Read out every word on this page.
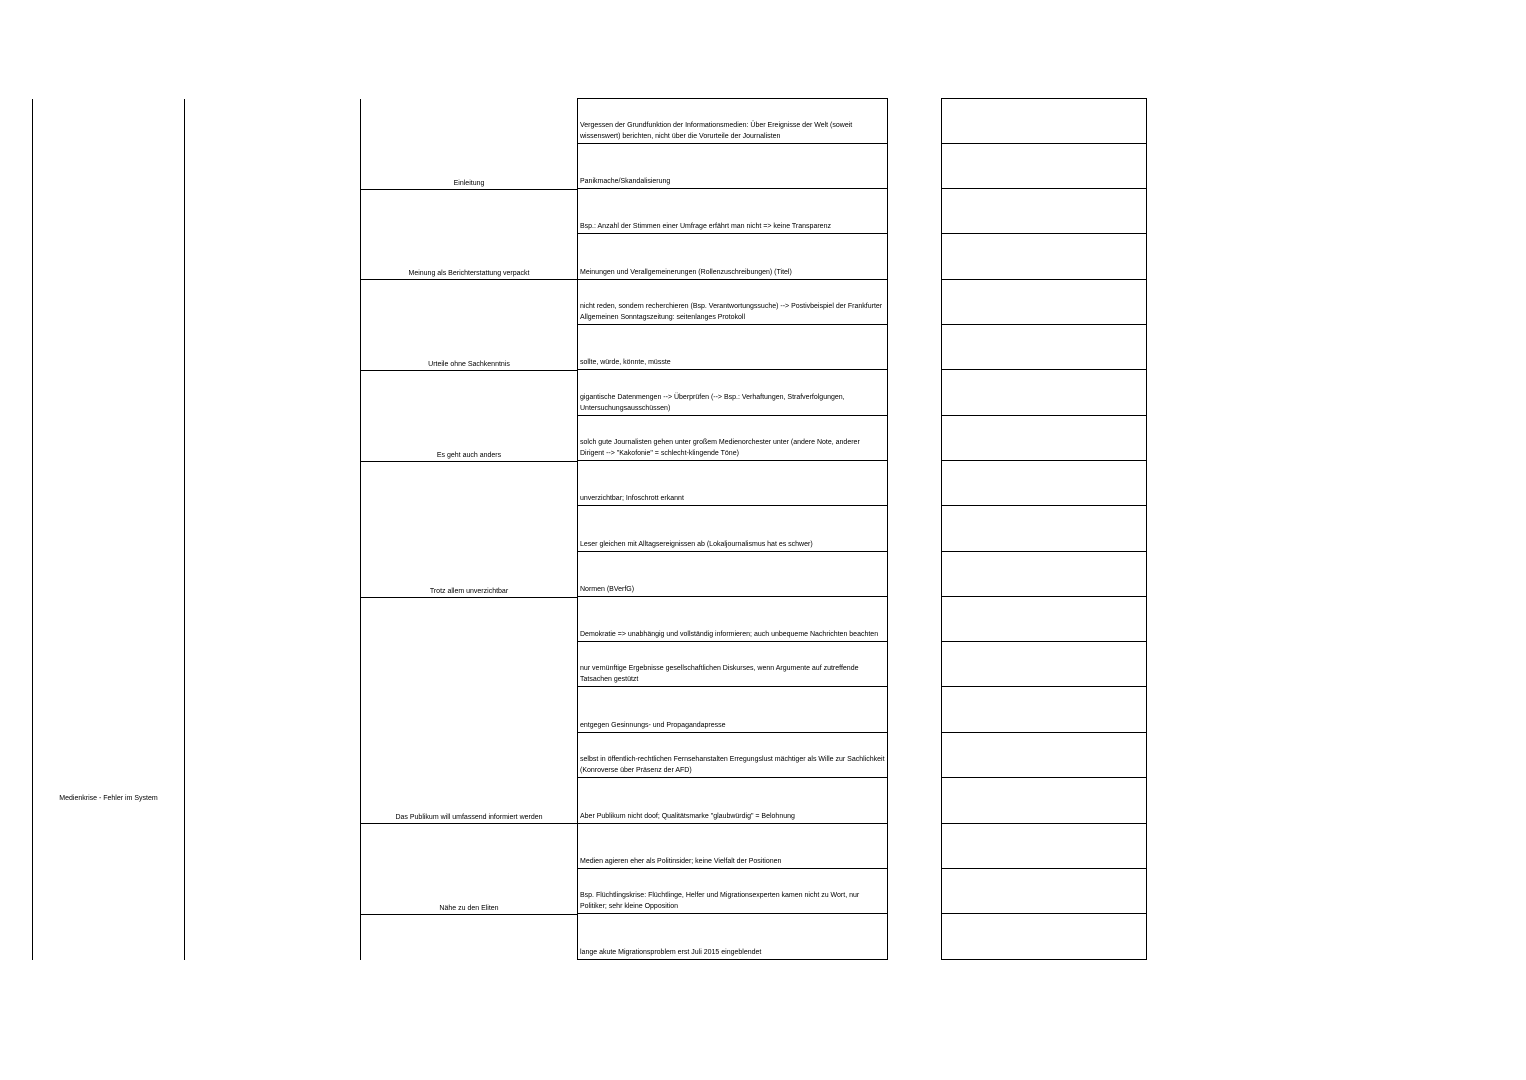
Medienkrise - Fehler im System
Einleitung
Meinung als Berichterstattung verpackt
Urteile ohne Sachkenntnis
Es geht auch anders
Trotz allem unverzichtbar
Das Publikum will umfassend informiert werden
Nähe zu den Eliten
Vergessen der Grundfunktion der Informationsmedien: Über Ereignisse der Welt (soweit wissenswert) berichten, nicht über die Vorurteile der Journalisten
Panikmache/Skandalisierung
Bsp.: Anzahl der Stimmen einer Umfrage erfährt man nicht => keine Transparenz
Meinungen und Verallgemeinerungen (Rollenzuschreibungen) (Titel)
nicht reden, sondern recherchieren (Bsp. Verantwortungssuche) --> Postivbeispiel der Frankfurter Allgemeinen Sonntagszeitung: seitenlanges Protokoll
sollte, würde, könnte, müsste
gigantische Datenmengen --> Überprüfen (--> Bsp.: Verhaftungen, Strafverfolgungen, Untersuchungsausschüssen)
solch gute Journalisten gehen unter großem Medienorchester unter (andere Note, anderer Dirigent --> "Kakofonie" = schlecht-klingende Töne)
unverzichtbar; Infoschrott erkannt
Leser gleichen mit Alltagsereignissen ab (Lokaljournalismus hat es schwer)
Normen (BVerfG)
Demokratie => unabhängig und vollständig informieren; auch unbequeme Nachrichten beachten
nur vernünftige Ergebnisse gesellschaftlichen Diskurses, wenn Argumente auf zutreffende Tatsachen gestützt
entgegen Gesinnungs- und Propagandapresse
selbst in öffentlich-rechtlichen Fernsehanstalten Erregungslust mächtiger als Wille zur Sachlichkeit (Konroverse über Präsenz der AFD)
Aber Publikum nicht doof; Qualitätsmarke "glaubwürdig" = Belohnung
Medien agieren eher als Politinsider; keine Vielfalt der Positionen
Bsp. Flüchtlingskrise: Flüchtlinge, Helfer und Migrationsexperten kamen nicht zu Wort, nur Politiker; sehr kleine Opposition
lange akute Migrationsproblem erst Juli 2015 eingeblendet
